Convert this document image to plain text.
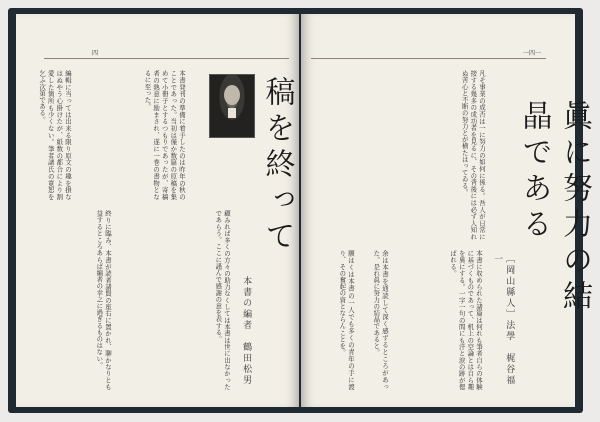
四
本書発刊の準備に着手したのは昨年の秋のことであった。当初は僅か数篇の原稿を集めて小冊子とするつもりであったが、寄稿者の熱意に励まされ、遂に一巻の書物となるに至った。
編輯に当っては出来る限り原文の趣を損なはぬやう心掛けたが、紙数の都合により割愛した箇所も少くない。筆者諸氏の寛恕を乞ふ次第である。	稿を終って
本書の編者　鶴田松男
顧みれば多くの方々の助力なくしては本書は世に出なかったであらう。ここに謹んで感謝の意を表する。
終りに臨み、本書が読者諸賢の座右に置かれ、聊かなりとも益するところあらば編者の幸之に過ぎるものはない。
一四一
凡そ事業の成否は一に努力の如何に係る。吾人が日常に接する幾多の成功者を見るに、その背後には必ず人知れぬ苦心と不断の努力とが横たはってゐる。	眞に努力の結晶である
［岡山縣人］法學　梶谷福一
本書に収められた諸篇は何れも筆者自らの体験に基づくものであって、机上の空論とは自ら趣を異にする。一字一句の間にも汗と涙の跡が偲ばれる。
余は本書を通読して深く感ずるところがあった。是れ眞に努力の結晶であると。
願はくは本書の一人でも多くの青年の手に渡り、その奮起の資とならんことを。
